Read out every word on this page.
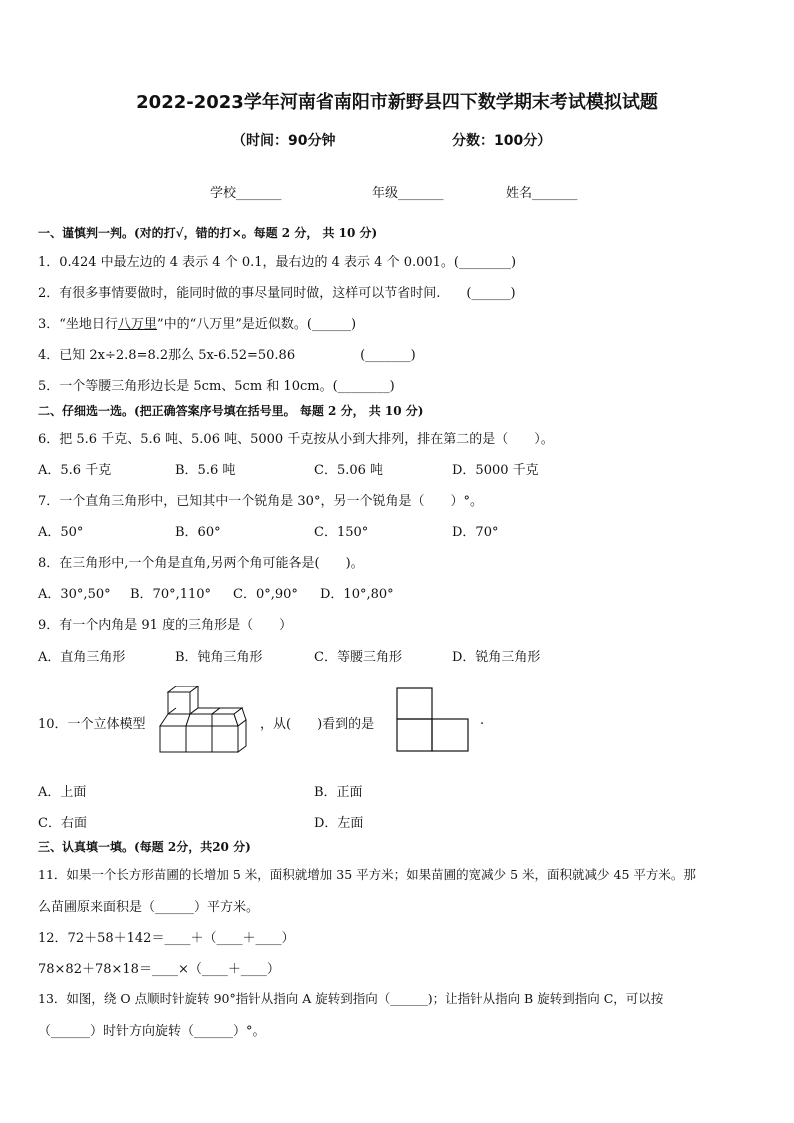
2022-2023学年河南省南阳市新野县四下数学期末考试模拟试题
（时间：90分钟	分数：100分）
学校_______	年级_______	姓名_______
一、谨慎判一判。(对的打√，错的打×。每题 2 分， 共 10 分)
1．0.424 中最左边的 4 表示 4 个 0.1，最右边的 4 表示 4 个 0.001。(________)
2．有很多事情要做时，能同时做的事尽量同时做，这样可以节省时间.　　(______)
3．“坐地日行八万里”中的“八万里”是近似数。(______)
4．已知 2x÷2.8=8.2那么 5x-6.52=50.86　　　　　(_______)
5．一个等腰三角形边长是 5cm、5cm 和 10cm。(________)
二、仔细选一选。(把正确答案序号填在括号里。 每题 2 分， 共 10 分)
6．把 5.6 千克、5.6 吨、5.06 吨、5000 千克按从小到大排列，排在第二的是（　　）。
A．5.6 千克	B．5.6 吨	C．5.06 吨	D．5000 千克
7．一个直角三角形中，已知其中一个锐角是 30°，另一个锐角是（　　）°。
A．50°	B．60°	C．150°	D．70°
8．在三角形中,一个角是直角,另两个角可能各是(　　)。
A．30°,50° B．70°,110° C．0°,90° D．10°,80°
9．有一个内角是 91 度的三角形是（　　）
A．直角三角形	B．钝角三角形	C．等腰三角形	D．锐角三角形
10．一个立体模型	，从(　　)看到的是	.
A．上面	B．正面
C．右面	D．左面
三、认真填一填。(每题 2分，共20 分)
11．如果一个长方形苗圃的长增加 5 米，面积就增加 35 平方米；如果苗圃的宽减少 5 米，面积就减少 45 平方米。那
么苗圃原来面积是（______）平方米。
12．72＋58＋142＝____＋（____＋____）
78×82＋78×18＝____×（____＋____）
13．如图，绕 O 点顺时针旋转 90°指针从指向 A 旋转到指向（______)；让指针从指向 B 旋转到指向 C，可以按
（______）时针方向旋转（______）°。
